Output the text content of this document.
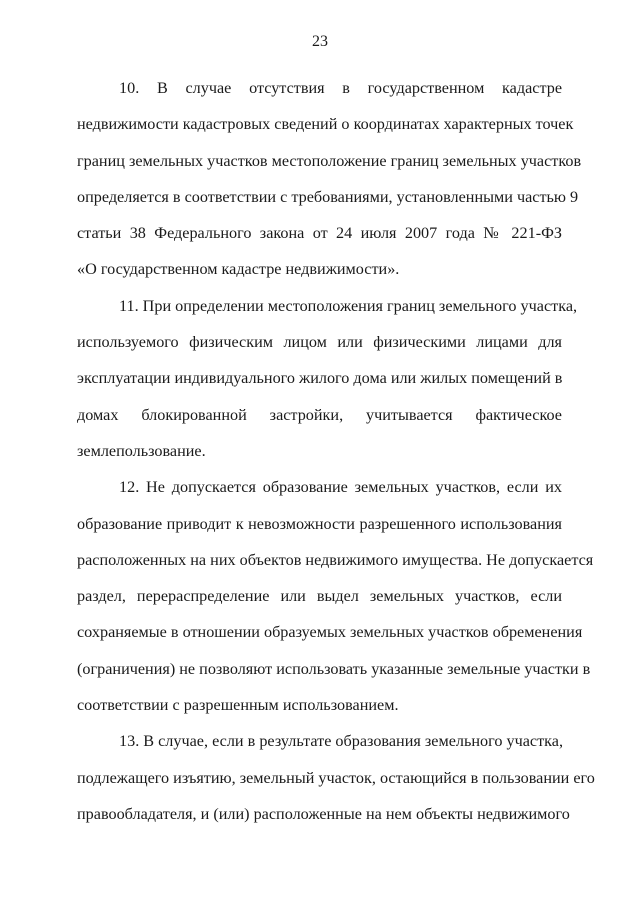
23
10. В случае отсутствия в государственном кадастре
недвижимости кадастровых сведений о координатах характерных точек
границ земельных участков местоположение границ земельных участков
определяется в соответствии с требованиями, установленными частью 9
статьи 38 Федерального закона от 24 июля 2007 года № 221-ФЗ
«О государственном кадастре недвижимости».
11. При определении местоположения границ земельного участка,
используемого физическим лицом или физическими лицами для
эксплуатации индивидуального жилого дома или жилых помещений в
домах блокированной застройки, учитывается фактическое
землепользование.
12. Не допускается образование земельных участков, если их
образование приводит к невозможности разрешенного использования
расположенных на них объектов недвижимого имущества. Не допускается
раздел, перераспределение или выдел земельных участков, если
сохраняемые в отношении образуемых земельных участков обременения
(ограничения) не позволяют использовать указанные земельные участки в
соответствии с разрешенным использованием.
13. В случае, если в результате образования земельного участка,
подлежащего изъятию, земельный участок, остающийся в пользовании его
правообладателя, и (или) расположенные на нем объекты недвижимого
